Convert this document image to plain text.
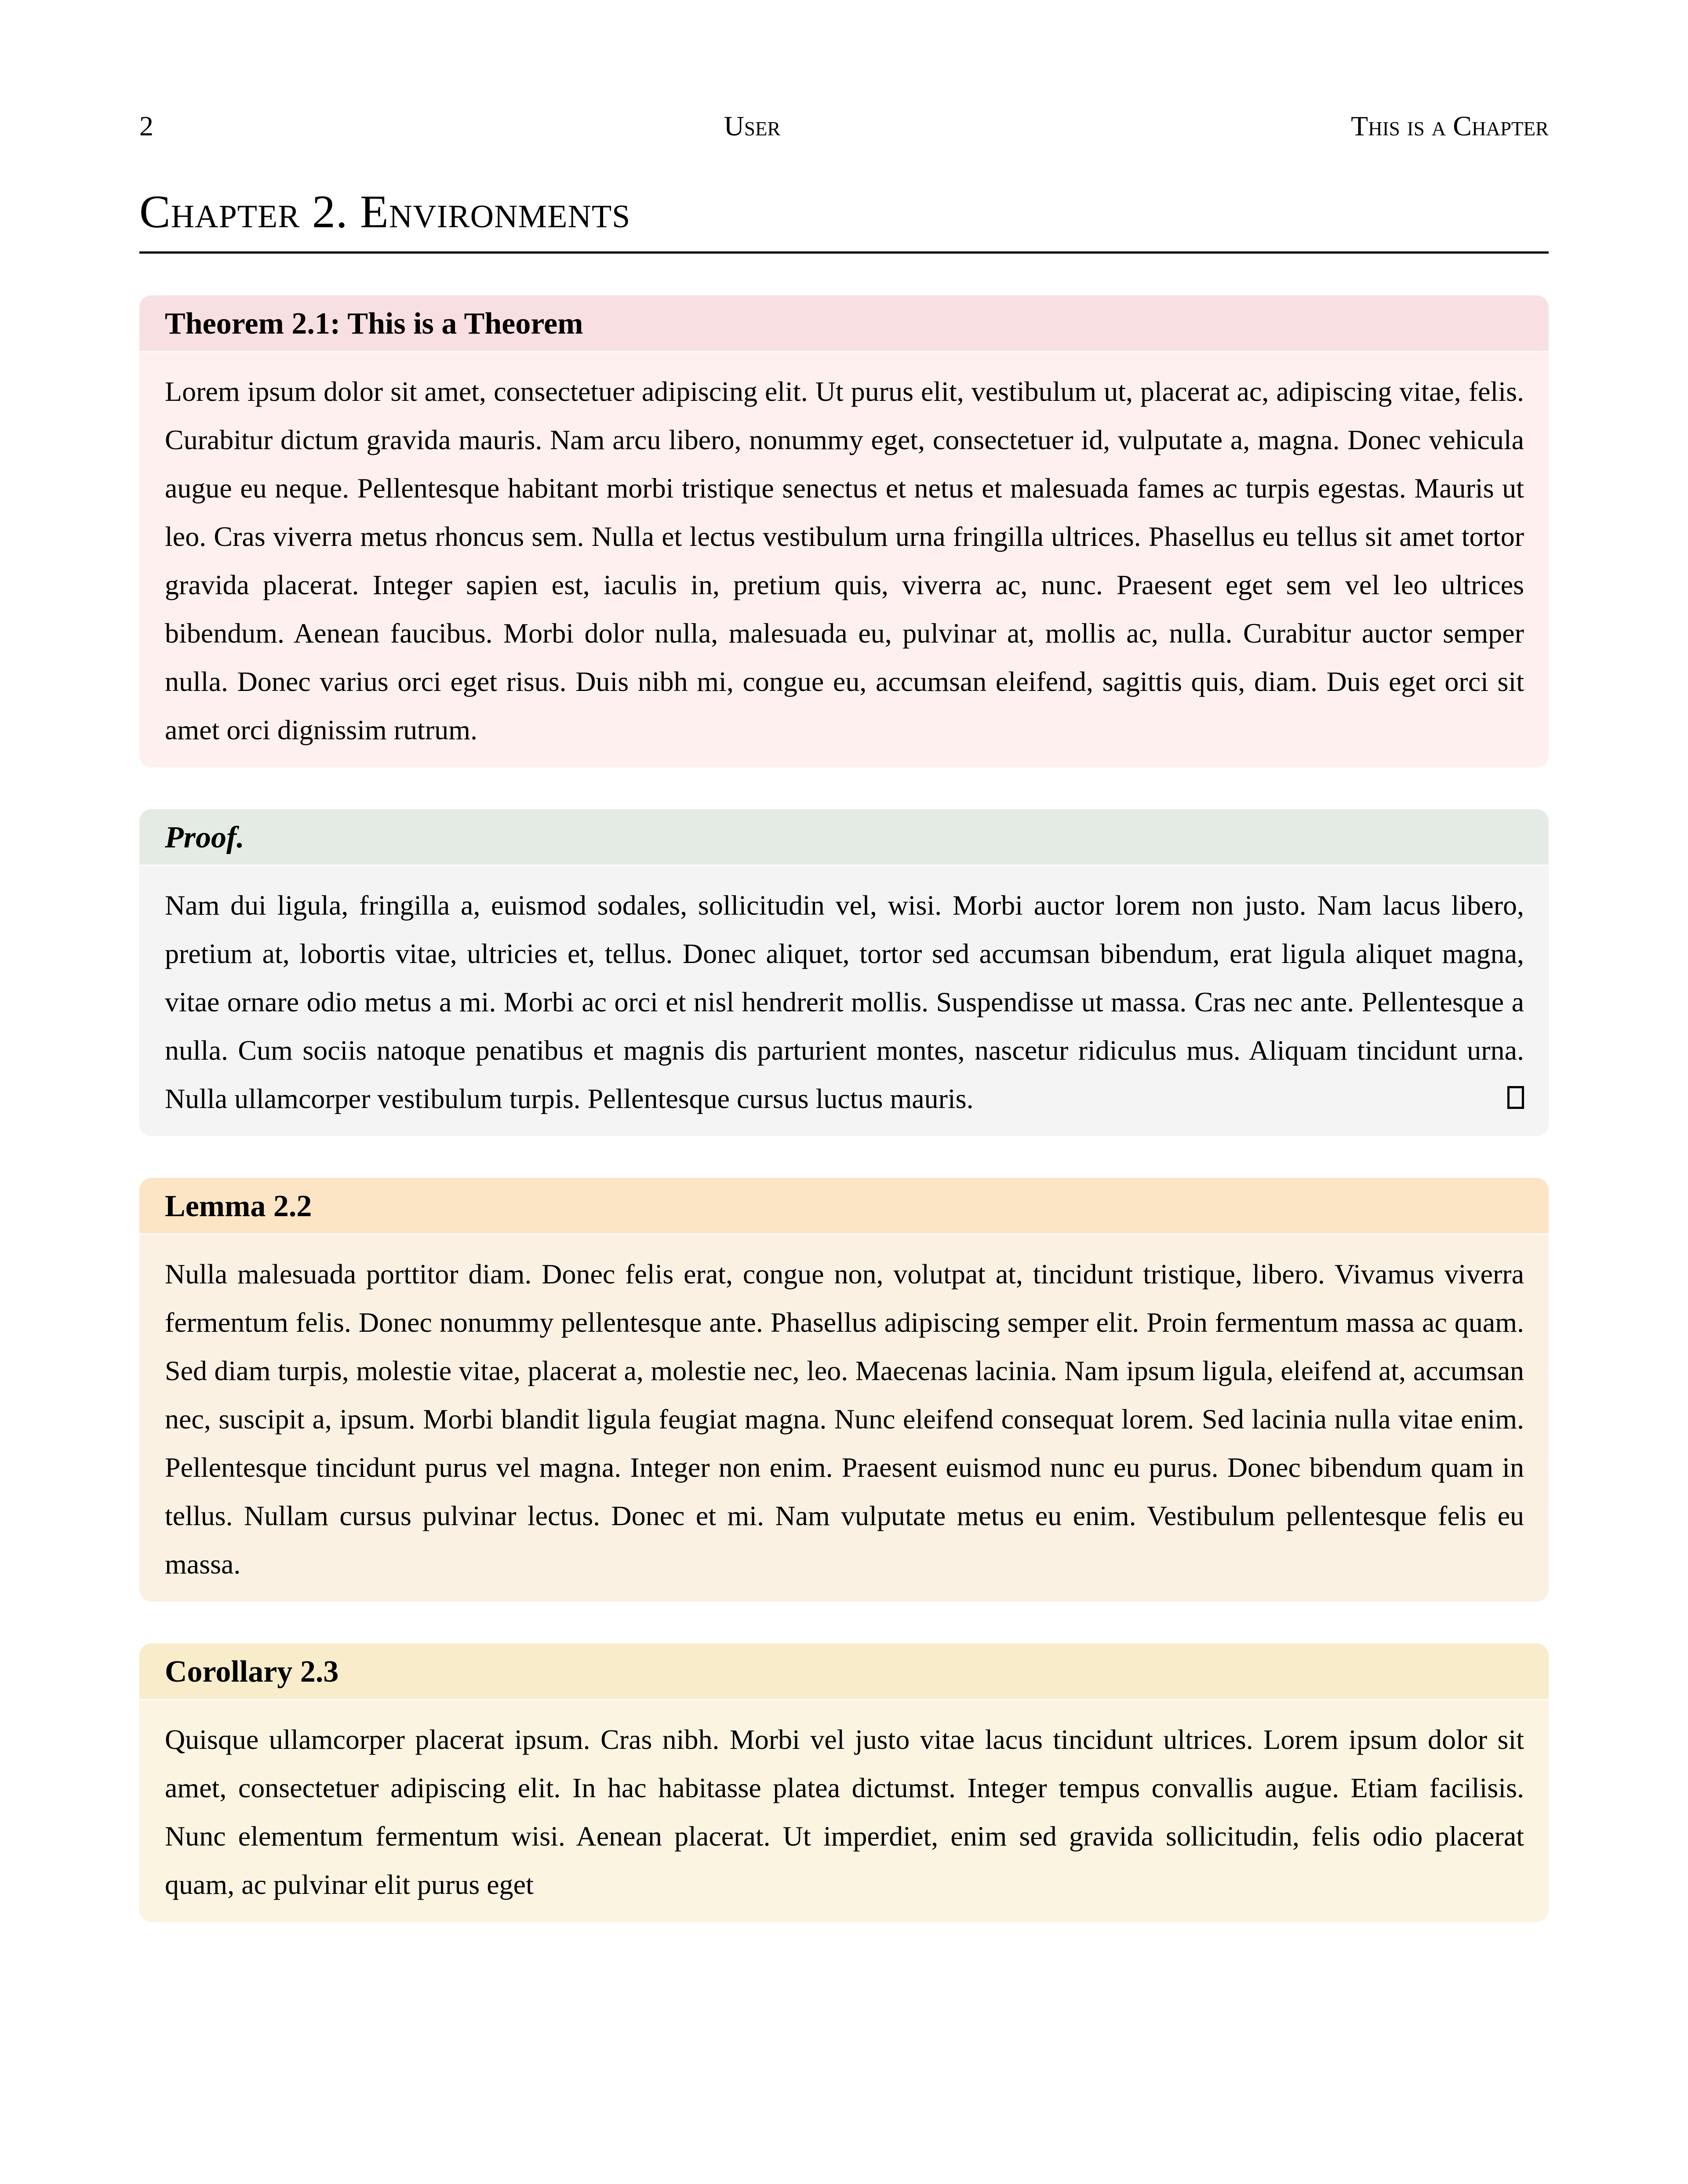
2	User	This is a Chapter
Chapter 2. Environments
Theorem 2.1: This is a Theorem
Lorem ipsum dolor sit amet, consectetuer adipiscing elit. Ut purus elit, vestibulum ut, placerat ac, adipiscing vitae, felis. Curabitur dictum gravida mauris. Nam arcu libero, nonummy eget, consectetuer id, vulputate a, magna. Donec vehicula augue eu neque. Pellentesque habitant morbi tristique senectus et netus et malesuada fames ac turpis egestas. Mauris ut leo. Cras viverra metus rhoncus sem. Nulla et lectus vestibulum urna fringilla ultrices. Phasellus eu tellus sit amet tortor gravida placerat. Integer sapien est, iaculis in, pretium quis, viverra ac, nunc. Praesent eget sem vel leo ultrices bibendum. Aenean faucibus. Morbi dolor nulla, malesuada eu, pulvinar at, mollis ac, nulla. Curabitur auctor semper nulla. Donec varius orci eget risus. Duis nibh mi, congue eu, accumsan eleifend, sagittis quis, diam. Duis eget orci sit amet orci dignissim rutrum.
Proof.
Nam dui ligula, fringilla a, euismod sodales, sollicitudin vel, wisi. Morbi auctor lorem non justo. Nam lacus libero, pretium at, lobortis vitae, ultricies et, tellus. Donec aliquet, tortor sed accumsan bibendum, erat ligula aliquet magna, vitae ornare odio metus a mi. Morbi ac orci et nisl hendrerit mollis. Suspendisse ut massa. Cras nec ante. Pellentesque a nulla. Cum sociis natoque penatibus et magnis dis parturient montes, nascetur ridiculus mus. Aliquam tincidunt urna. Nulla ullamcorper vestibulum turpis. Pellentesque cursus luctus mauris.
Lemma 2.2
Nulla malesuada porttitor diam. Donec felis erat, congue non, volutpat at, tincidunt tristique, libero. Vivamus viverra fermentum felis. Donec nonummy pellentesque ante. Phasellus adipiscing semper elit. Proin fermentum massa ac quam. Sed diam turpis, molestie vitae, placerat a, molestie nec, leo. Maecenas lacinia. Nam ipsum ligula, eleifend at, accumsan nec, suscipit a, ipsum. Morbi blandit ligula feugiat magna. Nunc eleifend consequat lorem. Sed lacinia nulla vitae enim. Pellentesque tincidunt purus vel magna. Integer non enim. Praesent euismod nunc eu purus. Donec bibendum quam in tellus. Nullam cursus pulvinar lectus. Donec et mi. Nam vulputate metus eu enim. Vestibulum pellentesque felis eu massa.
Corollary 2.3
Quisque ullamcorper placerat ipsum. Cras nibh. Morbi vel justo vitae lacus tincidunt ultrices. Lorem ipsum dolor sit amet, consectetuer adipiscing elit. In hac habitasse platea dictumst. Integer tempus convallis augue. Etiam facilisis. Nunc elementum fermentum wisi. Aenean placerat. Ut imperdiet, enim sed gravida sollicitudin, felis odio placerat quam, ac pulvinar elit purus eget
